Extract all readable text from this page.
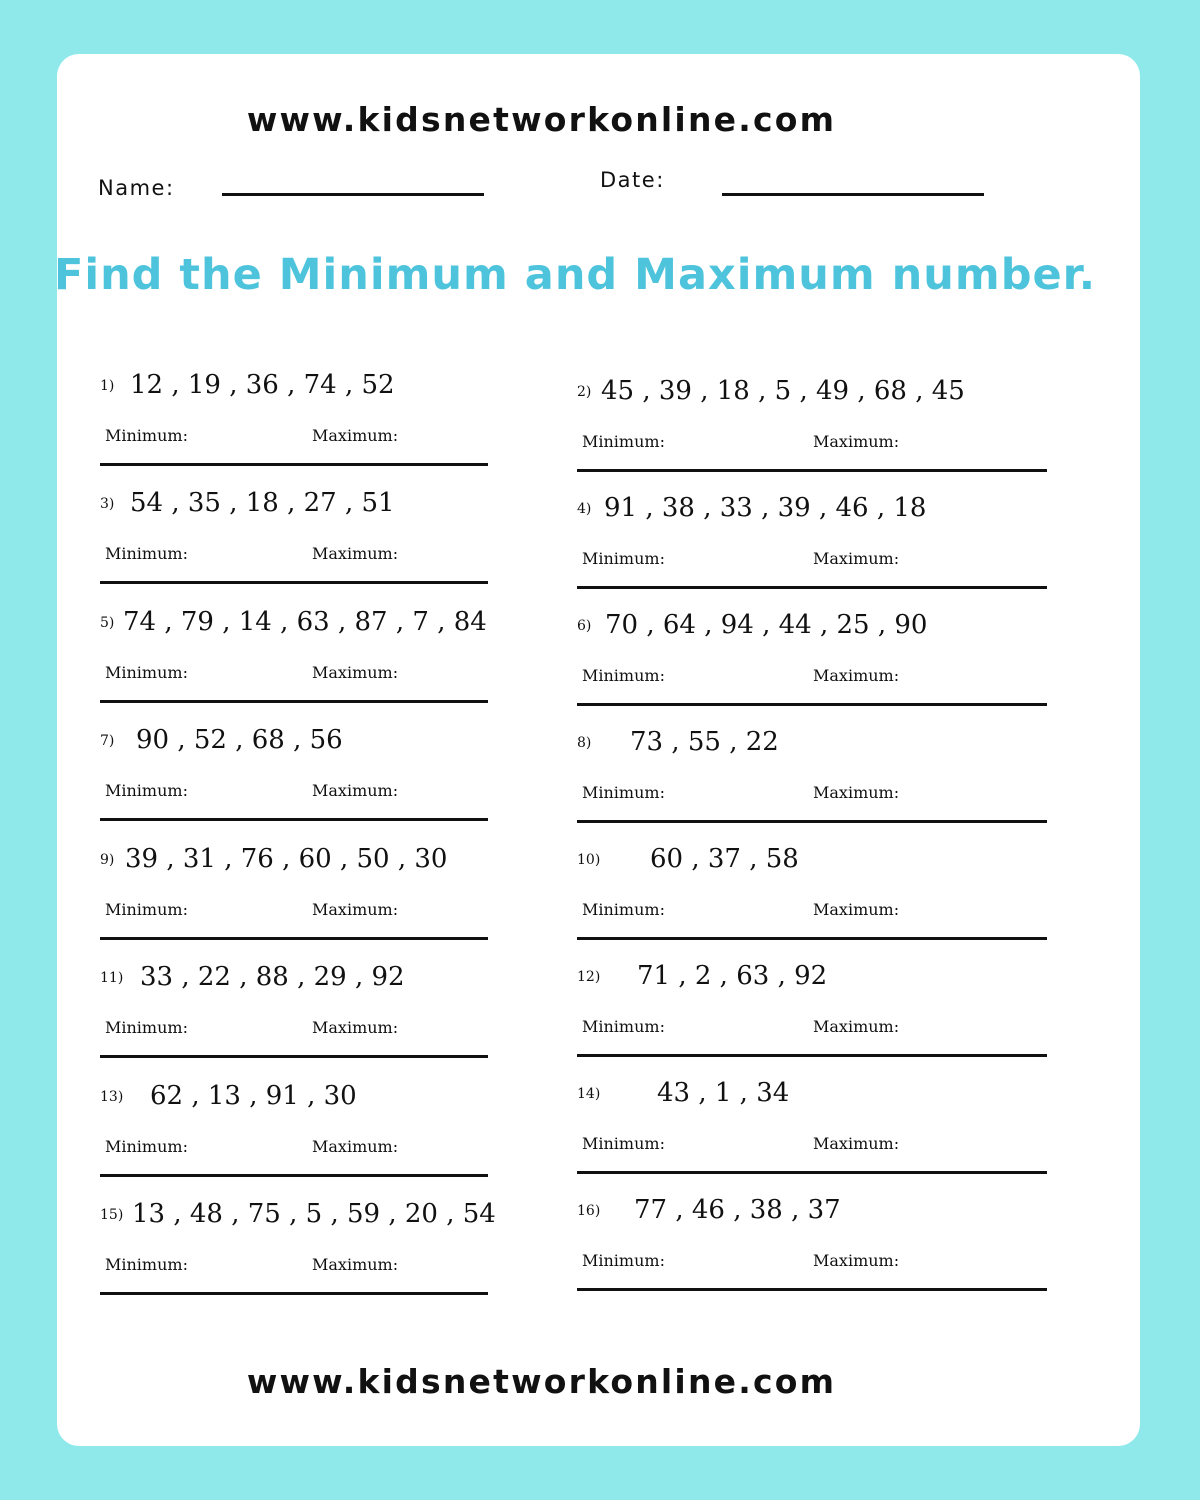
www.kidsnetworkonline.com
Name:	Date:
Find the Minimum and Maximum number.
1) 12 , 19 , 36 , 74 , 52
Minimum:	Maximum:
3) 54 , 35 , 18 , 27 , 51
Minimum:	Maximum:
5) 74 , 79 , 14 , 63 , 87 , 7 , 84
Minimum:	Maximum:
7) 90 , 52 , 68 , 56
Minimum:	Maximum:
9) 39 , 31 , 76 , 60 , 50 , 30
Minimum:	Maximum:
11) 33 , 22 , 88 , 29 , 92
Minimum:	Maximum:
13) 62 , 13 , 91 , 30
Minimum:	Maximum:
15) 13 , 48 , 75 , 5 , 59 , 20 , 54
Minimum:	Maximum:
2) 45 , 39 , 18 , 5 , 49 , 68 , 45
Minimum:	Maximum:
4) 91 , 38 , 33 , 39 , 46 , 18
Minimum:	Maximum:
6) 70 , 64 , 94 , 44 , 25 , 90
Minimum:	Maximum:
8) 73 , 55 , 22
Minimum:	Maximum:
10) 60 , 37 , 58
Minimum:	Maximum:
12) 71 , 2 , 63 , 92
Minimum:	Maximum:
14) 43 , 1 , 34
Minimum:	Maximum:
16) 77 , 46 , 38 , 37
Minimum:	Maximum:
www.kidsnetworkonline.com
